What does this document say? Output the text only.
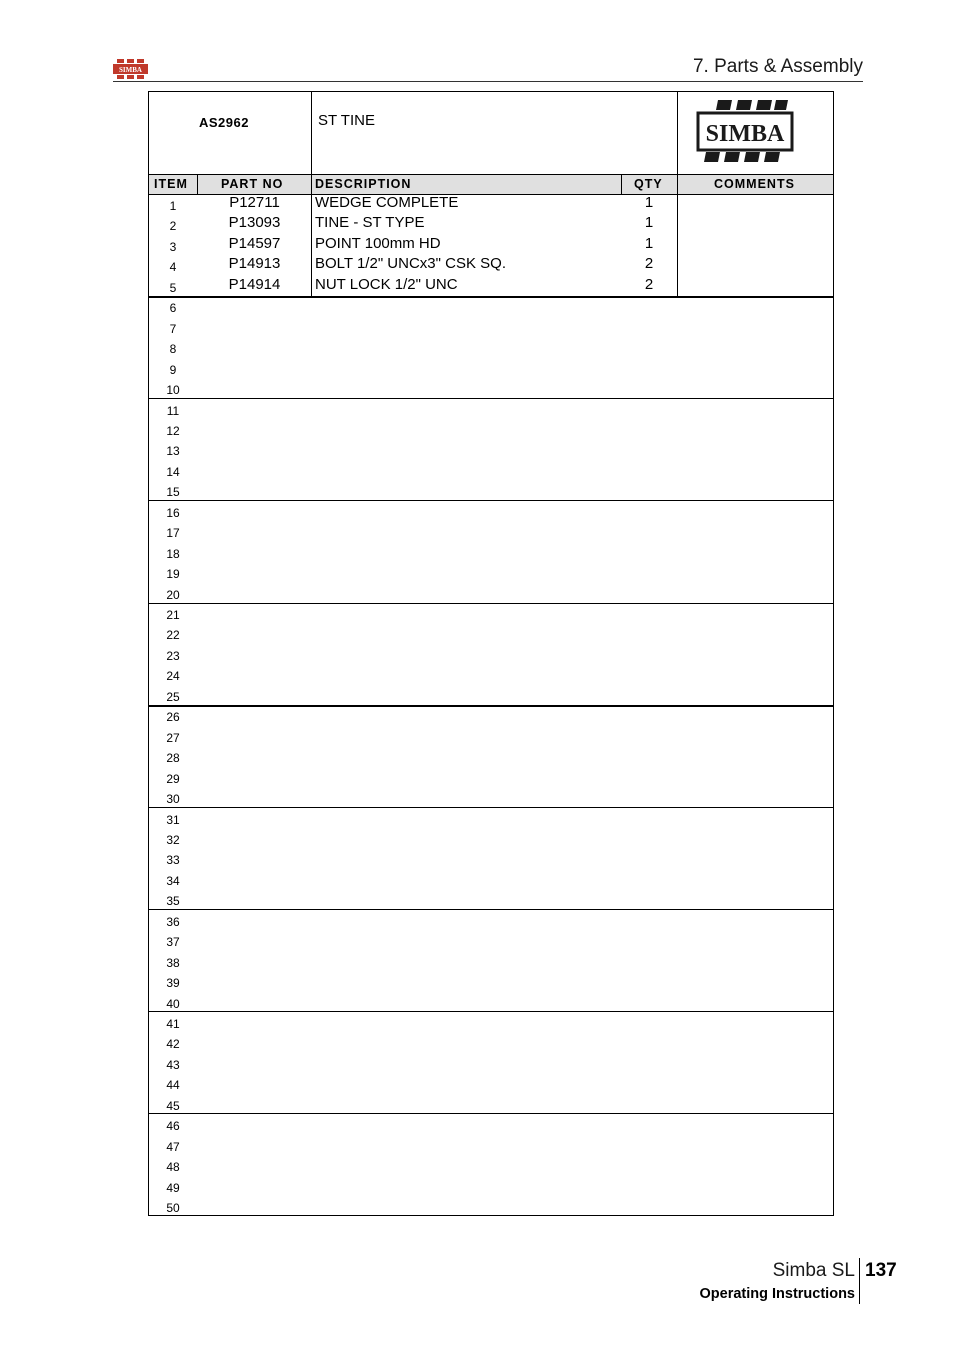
SIMBA	7. Parts & Assembly
AS2962	ST TINE
SIMBA
ITEM	PART NO	DESCRIPTION	QTY	COMMENTS
1	P12711	WEDGE COMPLETE	1
2	P13093	TINE - ST TYPE	1
3	P14597	POINT 100mm HD	1
4	P14913	BOLT 1/2" UNCx3" CSK SQ.	2
5	P14914	NUT LOCK 1/2" UNC	2
6
7
8
9
10
11
12
13
14
15
16
17
18
19
20
21
22
23
24
25
26
27
28
29
30
31
32
33
34
35
36
37
38
39
40
41
42
43
44
45
46
47
48
49
50
Simba SL 137
Operating Instructions
